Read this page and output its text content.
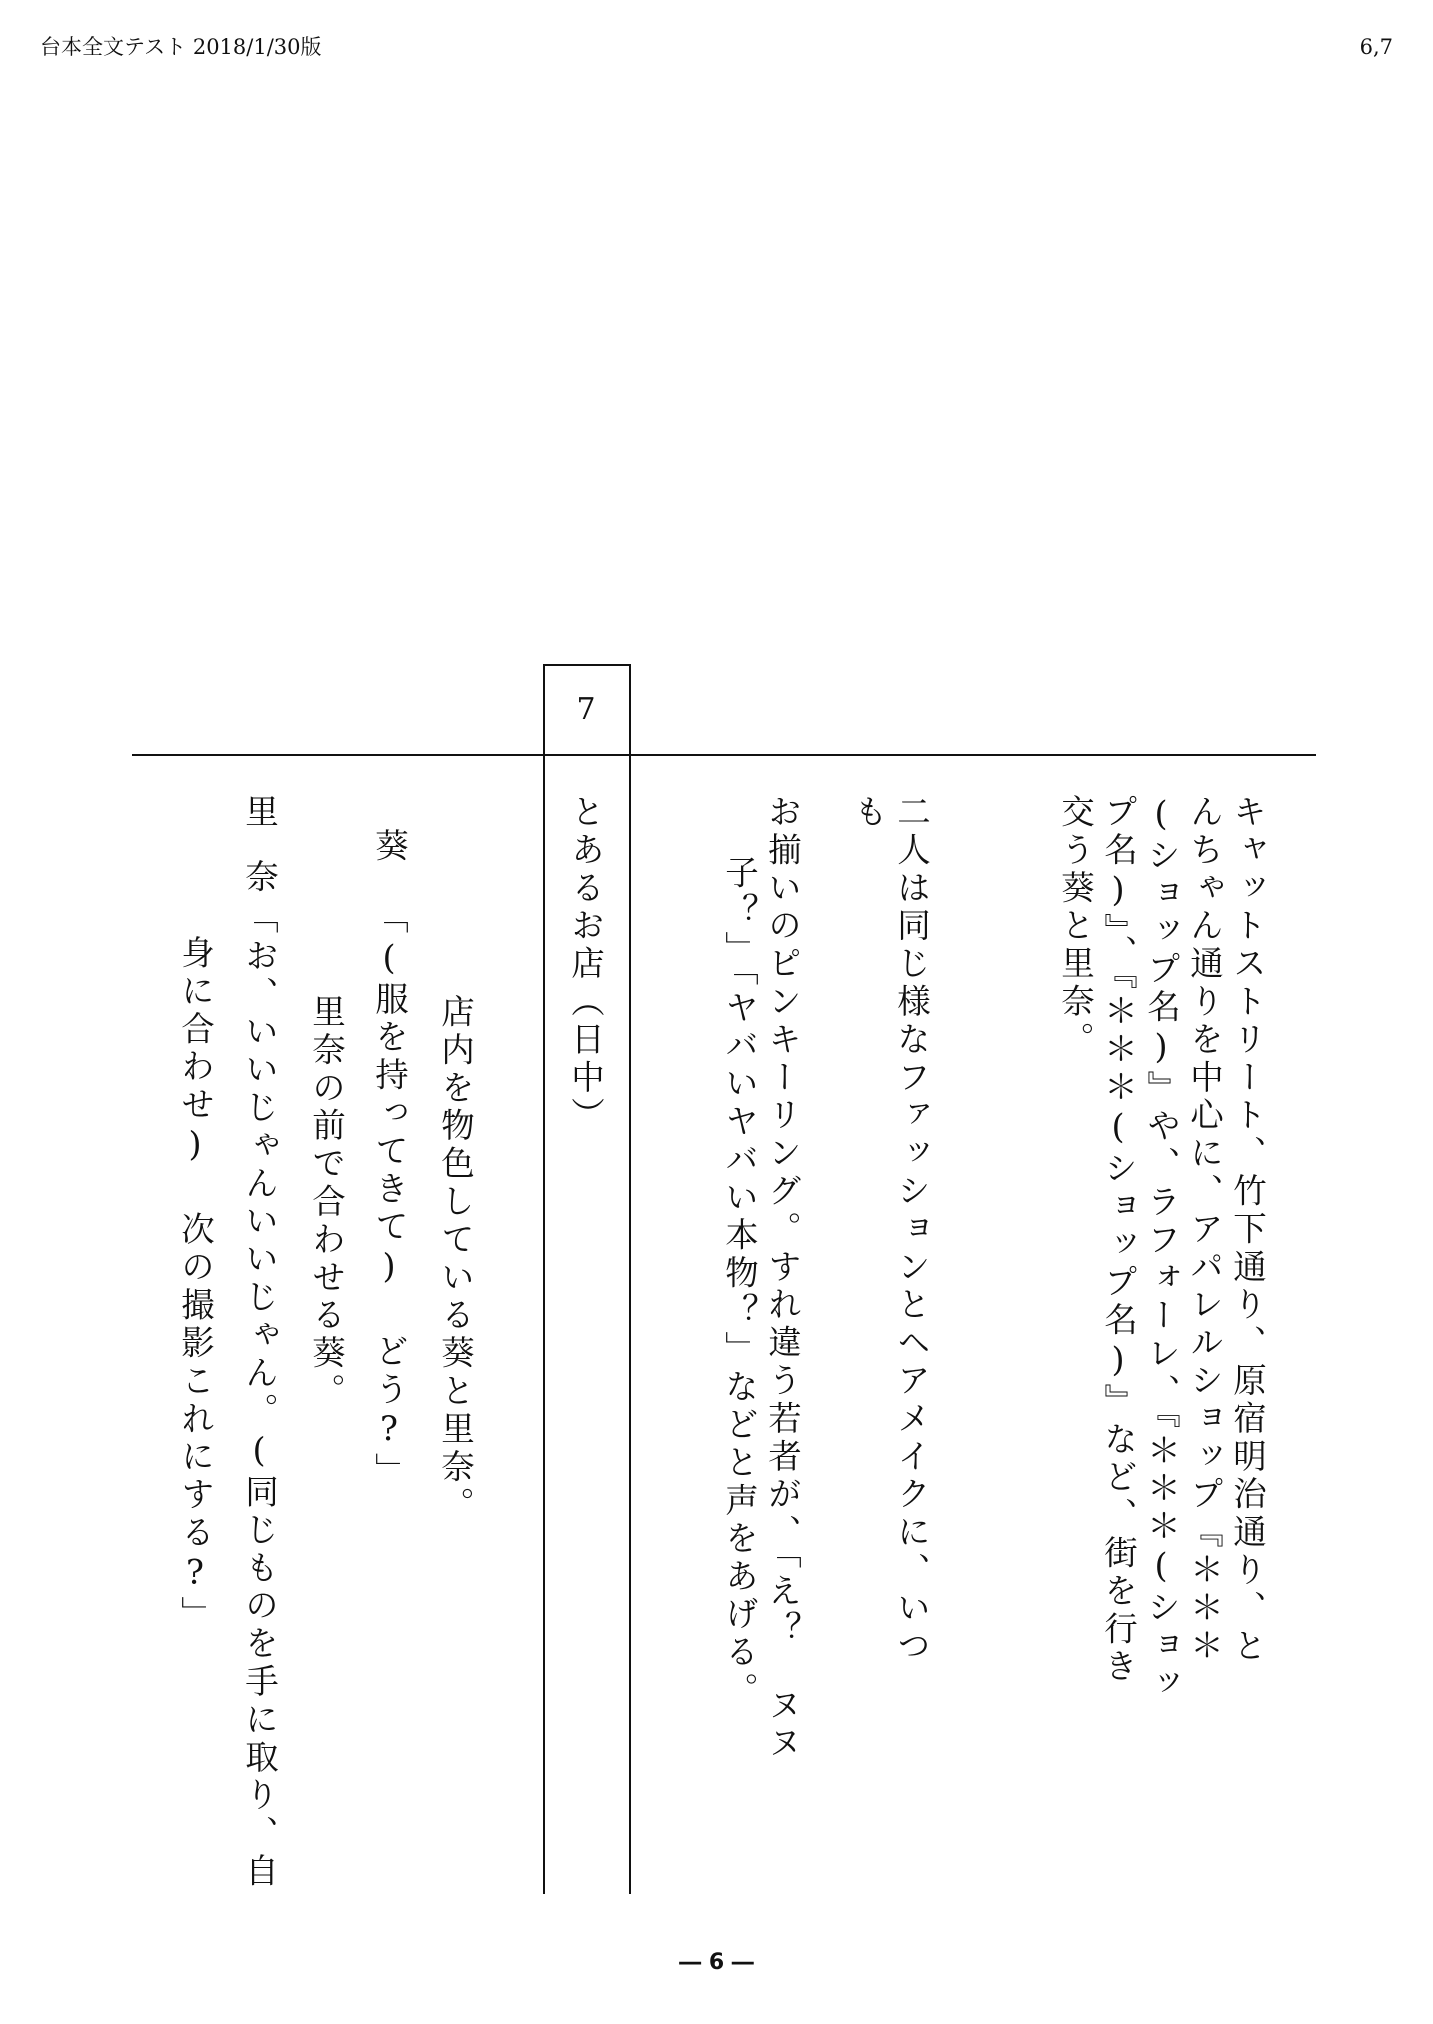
台本全文テスト 2018/1/30版	6,7
7
キャットストリート、竹下通り、原宿明治通り、と
んちゃん通りを中心に、アパレルショップ『＊＊＊
(ショップ名)』や、ラフォーレ、『＊＊＊(ショッ
プ名)』、『＊＊＊(ショップ名)』など、街を行き
交う葵と里奈。
二人は同じ様なファッションとヘアメイクに、いつ
も
お揃いのピンキーリング。すれ違う若者が、「え？　ヌヌ
子？」「ヤバいヤバい本物？」などと声をあげる。
とあるお店（日中）
店内を物色している葵と里奈。
葵
「(服を持ってきて) どう?」
里奈の前で合わせる葵。
里
奈
「お、いいじゃんいいじゃん。(同じものを手に取り、自
身に合わせ) 次の撮影これにする?」
― 6 ―
